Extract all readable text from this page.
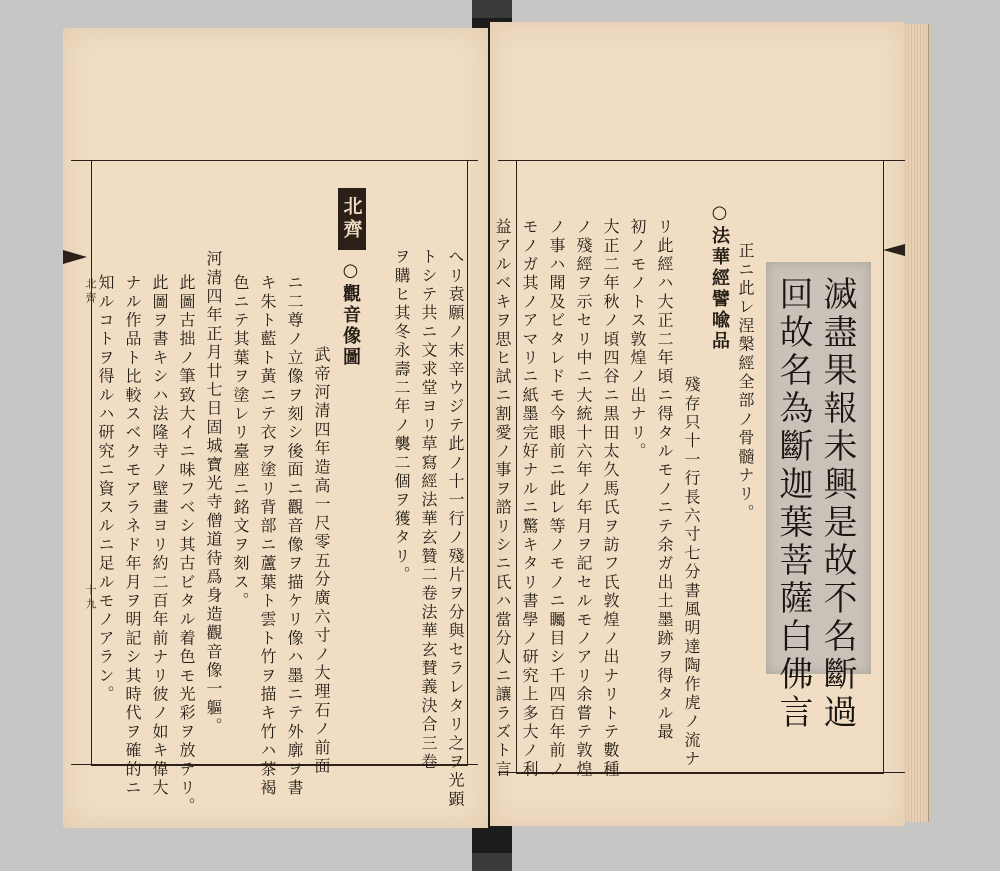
北齊
十九
北齊
○觀音像圖	へリ袁願ノ末辛ウジテ此ノ十一行ノ殘片ヲ分與セラレタリ之ヲ光顕
トシテ共ニ文求堂ヨリ草寫經法華玄贊二卷法華玄賛義決合三卷
ヲ購ヒ其冬永壽二年ノ襲二個ヲ獲タリ。
武帝河清四年造高一尺零五分廣六寸ノ大理石ノ前面
ニ二尊ノ立像ヲ刻シ後面ニ觀音像ヲ描ケリ像ハ墨ニテ外廓ヲ書
キ朱ト藍ト黃ニテ衣ヲ塗リ背部ニ蘆葉ト雲ト竹ヲ描キ竹ハ茶褐
色ニテ其葉ヲ塗レリ臺座ニ銘文ヲ刻ス。
河清四年正月廿七日固城寶光寺僧道待爲身造觀音像一軀。
此圖古拙ノ筆致大イニ味フベシ其古ビタル着色モ光彩ヲ放テリ。
此圖ヲ書キシハ法隆寺ノ壁畫ヨリ約二百年前ナリ彼ノ如キ偉大
ナル作品ト比較スベクモアラネド年月ヲ明記シ其時代ヲ確的ニ
知ルコトヲ得ルハ研究ニ資スルニ足ルモノアラン。	滅盡果報未興是故不名斷過
回故名為斷迦葉菩薩白佛言
正ニ此レ涅槃經全部ノ骨髓ナリ。
○法華經譬喩品
殘存只十一行長六寸七分書風明達陶作虎ノ流ナ
リ此經ハ大正二年頃ニ得タルモノニテ余ガ出土墨跡ヲ得タル最
初ノモノトス敦煌ノ出ナリ。
大正二年秋ノ頃四谷ニ黒田太久馬氏ヲ訪フ氏敦煌ノ出ナリトテ數種
ノ殘經ヲ示セリ中ニ大統十六年ノ年月ヲ記セルモノアリ余嘗テ敦煌
ノ事ハ聞及ビタレドモ今眼前ニ此レ等ノモノニ矚目シ千四百年前ノ
モノガ其ノアマリニ紙墨完好ナルニ驚キタリ書學ノ研究上多大ノ利
益アルベキヲ思ヒ試ニ割愛ノ事ヲ諮リシニ氏ハ當分人ニ讓ラズト言
